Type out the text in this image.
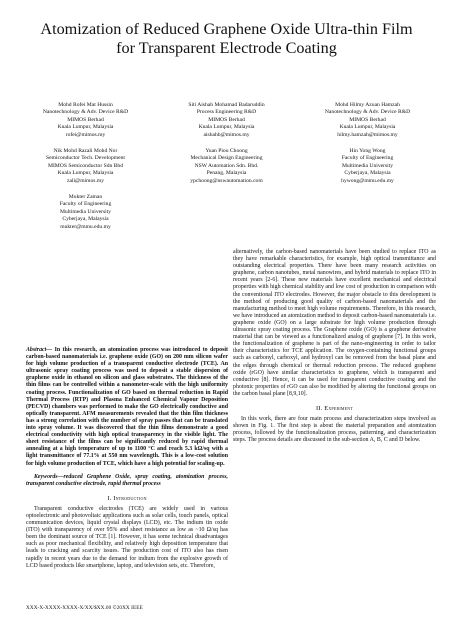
Atomization of Reduced Graphene Oxide Ultra-thin Film for Transparent Electrode Coating
Mohd Rofei Mat Hussin
Nanotechnology & Adv. Device R&D
MIMOS Berhad
Kuala Lumpur, Malaysia
rofei@mimos.my
Siti Aishah Mohamad Badaruddin
Process Engineering R&D
MIMOS Berhad
Kuala Lumpur, Malaysia
aishahb@mimos.my
Mohd Hilmy Azuan Hamzah
Nanotechnology & Adv. Device R&D
MIMOS Berhad
Kuala Lumpur, Malaysia
hilmy.hamzah@mimos.my
Nik Mohd Razali Mohd Nor
Semiconductor Tech. Development
MIMOS Semiconductor Sdn Bhd
Kuala Lumpur, Malaysia
zali@mimos.my
Yuan Piou Choong
Mechanical Design Engineering
NSW Automation Sdn. Bhd.
Penang, Malaysia
ypchoong@nswautomation.com
Hin Yong Wong
Faculty of Engineering
Multimedia University
Cyberjaya, Malaysia
hywong@mmu.edu.my
Mukter Zaman
Faculty of Engineering
Multimedia University
Cyberjaya, Malaysia
mukter@mmu.edu.my

Abstract— In this research, an atomization process was introduced to deposit carbon-based nanomaterials i.e. graphene oxide (GO) on 200 mm silicon wafer for high volume production of a transparent conductive electrode (TCE). An ultrasonic spray coating process was used to deposit a stable dispersion of graphene oxide in ethanol on silicon and glass substrates. The thickness of the thin films can be controlled within a nanometer-scale with the high uniformity coating process. Functionalization of GO based on thermal reduction in Rapid Thermal Process (RTP) and Plasma Enhanced Chemical Vapour Deposition (PECVD) chambers was performed to make the GO electrically conductive and optically transparent. AFM measurements revealed that the thin film thickness has a strong correlation with the number of spray passes that can be translated into spray volume. It was discovered that the thin films demonstrate a good electrical conductivity with high optical transparency in the visible light. The sheet resistance of the films can be significantly reduced by rapid thermal annealing at a high temperature of up to 1100 °C and reach 5.3 kΩ/sq with a light transmittance of 77.1% at 550 nm wavelength. This is a low-cost solution for high volume production of TCE, which have a high potential for scaling-up.

Keywords—reduced Graphene Oxide, spray coating, atomization process, transparent conductive electrode, rapid thermal process

I. Introduction

Transparent conductive electrodes (TCE) are widely used in various optoelectronic and photovoltaic applications such as solar cells, touch panels, optical communication devices, liquid crystal displays (LCD), etc. The indium tin oxide (ITO) with transparency of over 95% and sheet resistance as low as ~10 Ω/sq has been the dominant source of TCE [1]. However, it has some technical disadvantages such as poor mechanical flexibility, and relatively high deposition temperature that leads to cracking and scarcity issues. The production cost of ITO also has risen rapidly in recent years due to the demand for indium from the explosive growth of LCD based products like smartphone, laptop, and television sets, etc. Therefore,

alternatively, the carbon-based nanomaterials have been studied to replace ITO as they have remarkable characteristics, for example, high optical transmittance and outstanding electrical properties. There have been many research activities on graphene, carbon nanotubes, metal nanowires, and hybrid materials to replace ITO in recent years [2-6]. These new materials have excellent mechanical and electrical properties with high chemical stability and low cost of production in comparison with the conventional ITO electrodes. However, the major obstacle to this development is the method of producing good quality of carbon-based nanomaterials and the manufacturing method to meet high volume requirements. Therefore, in this research, we have introduced an atomization method to deposit carbon-based nanomaterials i.e. graphene oxide (GO) on a large substrate for high volume production through ultrasonic spray coating process. The Graphene oxide (GO) is a graphene derivative material that can be viewed as a functionalized analog of graphene [7]. In this work, the functionalization of graphene is part of the nano-engineering in order to tailor their characteristics for TCE application. The oxygen-containing functional groups such as carbonyl, carboxyl, and hydroxyl can be removed from the basal plane and the edges through chemical or thermal reduction process. The reduced graphene oxide (rGO) have similar characteristics to graphene, which is transparent and conductive [8]. Hence, it can be used for transparent conductive coating and the photonic properties of rGO can also be modified by altering the functional groups on the carbon basal plane [8,9,10].

II. Experiment

In this work, there are four main process and characterization steps involved as shown in Fig. 1. The first step is about the material preparation and atomization process, followed by the functionalization process, patterning, and characterization steps. The process details are discussed in the sub-section A, B, C and D below.

XXX-X-XXXX-XXXX-X/XX/$XX.00 ©20XX IEEE
